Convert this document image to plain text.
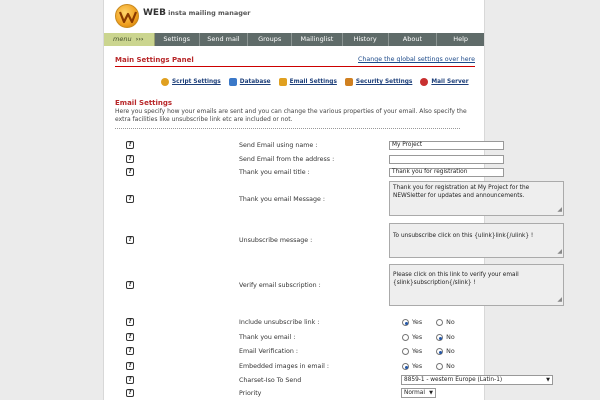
WEB insta mailing manager
menu ›››	Settings	Send mail	Groups	Mailinglist	History	About	Help
Main Settings Panel	Change the global settings over here
Script Settings	Database	Email Settings	Security Settings	Mail Server
Email Settings
Here you specify how your emails are sent and you can change the various properties of your email. Also specify the extra facilities like unsubscribe link etc are included or not.
?	Send Email using name :	My Project
?	Send Email from the address :
?	Thank you email title :	Thank you for registration
?	Thank you email Message :
Thank you for registration at My Project for the NEWSletter for updates and announcements.
◢
?	Unsubscribe message :
To unsubscribe click on this {ulink}link{/ulink} !
◢
?	Verify email subscription :
Please click on this link to verify your email {slink}subscription{/slink} !
◢
?	Include unsubscribe link :	Yes	No
?	Thank you email :	Yes	No
?	Email Verification :	Yes	No
?	Embedded images in email :	Yes	No
?	Charset-Iso To Send	8859-1 - western Europe (Latin-1)	▼
?	Priority	Normal ▼
